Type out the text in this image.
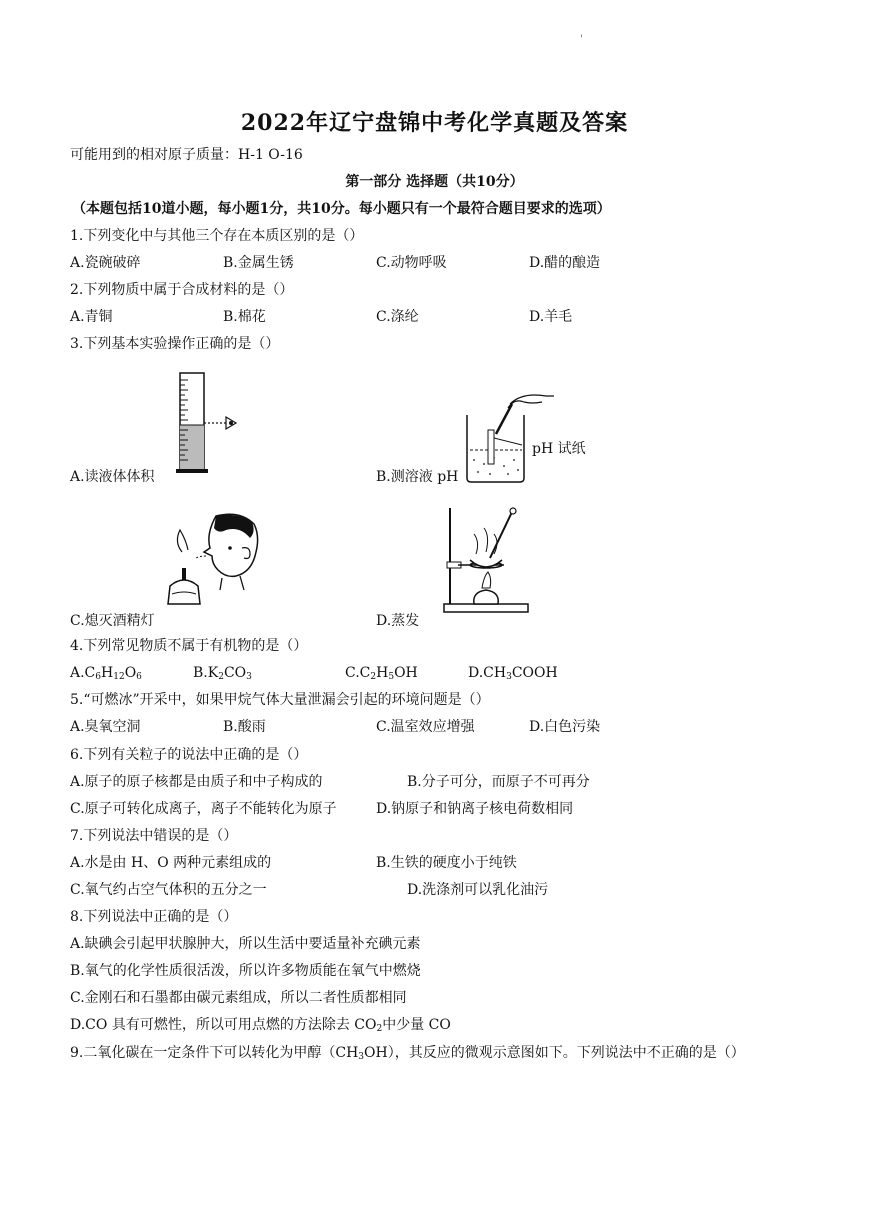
'
2022年辽宁盘锦中考化学真题及答案
可能用到的相对原子质量：H-1 O-16
第一部分 选择题（共10分）
（本题包括10道小题，每小题1分，共10分。每小题只有一个最符合题目要求的选项）
1.下列变化中与其他三个存在本质区别的是（）
A.瓷碗破碎	B.金属生锈	C.动物呼吸	D.醋的酿造
2.下列物质中属于合成材料的是（）
A.青铜	B.棉花	C.涤纶	D.羊毛
3.下列基本实验操作正确的是（）
A.读液体体积
pH 试纸
B.测溶液 pH
C.熄灭酒精灯	D.蒸发
4.下列常见物质不属于有机物的是（）
$A.C_6H_{12}O_6$	$B.K_2CO_3$	$C.C_2H_5OH$	$D.CH_3COOH$
5.“可燃冰”开采中，如果甲烷气体大量泄漏会引起的环境问题是（）
A.臭氧空洞	B.酸雨	C.温室效应增强	D.白色污染
6.下列有关粒子的说法中正确的是（）
A.原子的原子核都是由质子和中子构成的	B.分子可分，而原子不可再分
C.原子可转化成离子，离子不能转化为原子	D.钠原子和钠离子核电荷数相同
7.下列说法中错误的是（）
A.水是由 H、O 两种元素组成的	B.生铁的硬度小于纯铁
C.氧气约占空气体积的五分之一	D.洗涤剂可以乳化油污
8.下列说法中正确的是（）
A.缺碘会引起甲状腺肿大，所以生活中要适量补充碘元素
B.氧气的化学性质很活泼，所以许多物质能在氧气中燃烧
C.金刚石和石墨都由碳元素组成，所以二者性质都相同
D.CO 具有可燃性，所以可用点燃的方法除去 $CO_2$中少量 CO
9.二氧化碳在一定条件下可以转化为甲醇$(CH_3OH)$，其反应的微观示意图如下。下列说法中不正确的是（）
